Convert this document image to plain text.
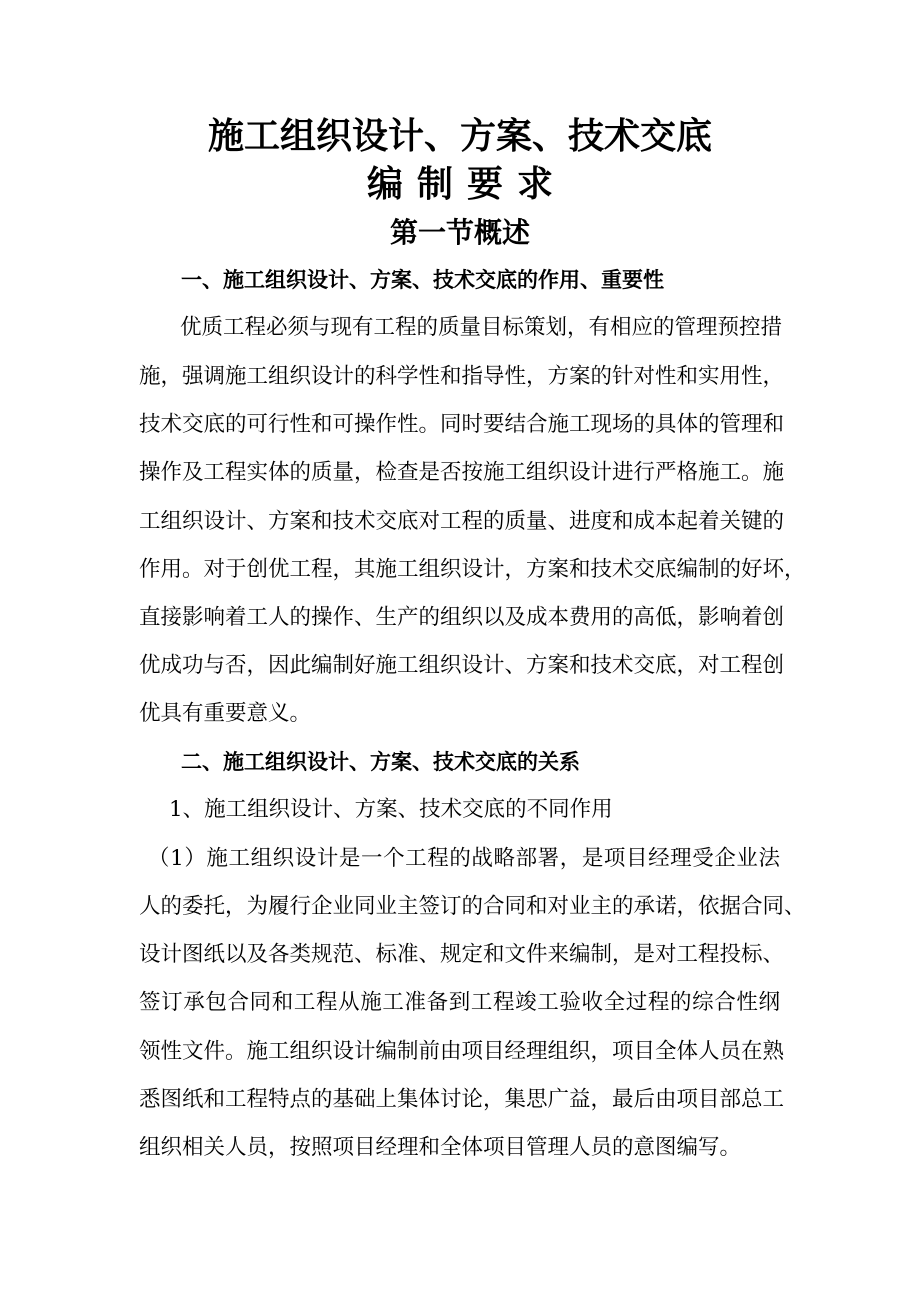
施工组织设计、方案、技术交底
编制要求
第一节概述
一、施工组织设计、方案、技术交底的作用、重要性
优质工程必须与现有工程的质量目标策划，有相应的管理预控措
施，强调施工组织设计的科学性和指导性，方案的针对性和实用性，
技术交底的可行性和可操作性。同时要结合施工现场的具体的管理和
操作及工程实体的质量，检查是否按施工组织设计进行严格施工。施
工组织设计、方案和技术交底对工程的质量、进度和成本起着关键的
作用。对于创优工程，其施工组织设计，方案和技术交底编制的好坏，
直接影响着工人的操作、生产的组织以及成本费用的高低，影响着创
优成功与否，因此编制好施工组织设计、方案和技术交底，对工程创
优具有重要意义。
二、施工组织设计、方案、技术交底的关系
1、施工组织设计、方案、技术交底的不同作用
（1）施工组织设计是一个工程的战略部署，是项目经理受企业法
人的委托，为履行企业同业主签订的合同和对业主的承诺，依据合同、
设计图纸以及各类规范、标准、规定和文件来编制，是对工程投标、
签订承包合同和工程从施工准备到工程竣工验收全过程的综合性纲
领性文件。施工组织设计编制前由项目经理组织，项目全体人员在熟
悉图纸和工程特点的基础上集体讨论，集思广益，最后由项目部总工
组织相关人员，按照项目经理和全体项目管理人员的意图编写。
